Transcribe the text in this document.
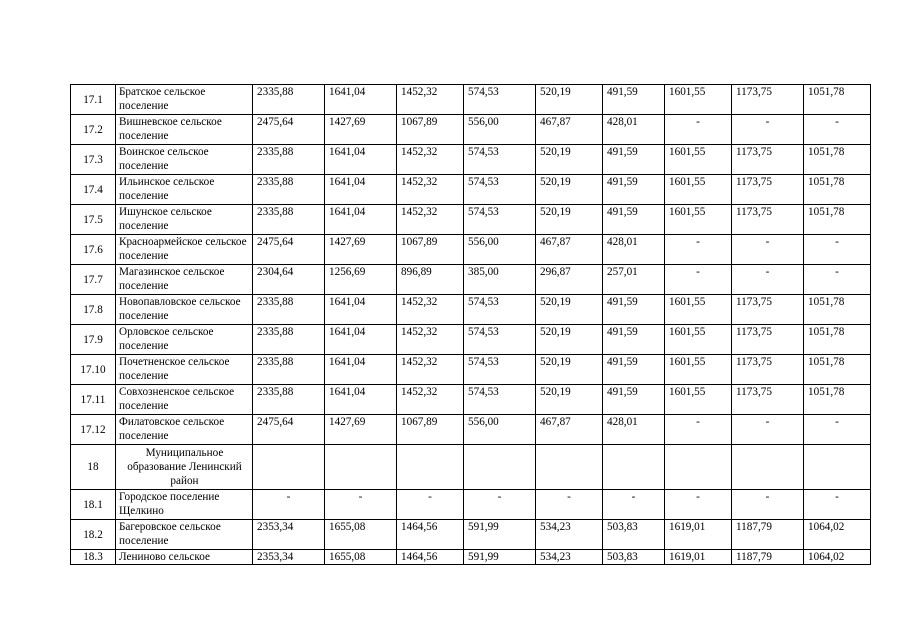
17.1	Братское сельское поселение	2335,88	1641,04	1452,32	574,53	520,19	491,59	1601,55	1173,75	1051,78
17.2	Вишневское сельское поселение	2475,64	1427,69	1067,89	556,00	467,87	428,01	-	-	-
17.3	Воинское сельское поселение	2335,88	1641,04	1452,32	574,53	520,19	491,59	1601,55	1173,75	1051,78
17.4	Ильинское сельское поселение	2335,88	1641,04	1452,32	574,53	520,19	491,59	1601,55	1173,75	1051,78
17.5	Ишунское сельское поселение	2335,88	1641,04	1452,32	574,53	520,19	491,59	1601,55	1173,75	1051,78
17.6	Красноармейское сельское поселение	2475,64	1427,69	1067,89	556,00	467,87	428,01	-	-	-
17.7	Магазинское сельское поселение	2304,64	1256,69	896,89	385,00	296,87	257,01	-	-	-
17.8	Новопавловское сельское поселение	2335,88	1641,04	1452,32	574,53	520,19	491,59	1601,55	1173,75	1051,78
17.9	Орловское сельское поселение	2335,88	1641,04	1452,32	574,53	520,19	491,59	1601,55	1173,75	1051,78
17.10	Почетненское сельское поселение	2335,88	1641,04	1452,32	574,53	520,19	491,59	1601,55	1173,75	1051,78
17.11	Совхозненское сельское поселение	2335,88	1641,04	1452,32	574,53	520,19	491,59	1601,55	1173,75	1051,78
17.12	Филатовское сельское поселение	2475,64	1427,69	1067,89	556,00	467,87	428,01	-	-	-
18	Муниципальное образование Ленинский район									
18.1	Городское поселение Щелкино	-	-	-	-	-	-	-	-	-
18.2	Багеровское сельское поселение	2353,34	1655,08	1464,56	591,99	534,23	503,83	1619,01	1187,79	1064,02
18.3	Лениново сельское	2353,34	1655,08	1464,56	591,99	534,23	503,83	1619,01	1187,79	1064,02
